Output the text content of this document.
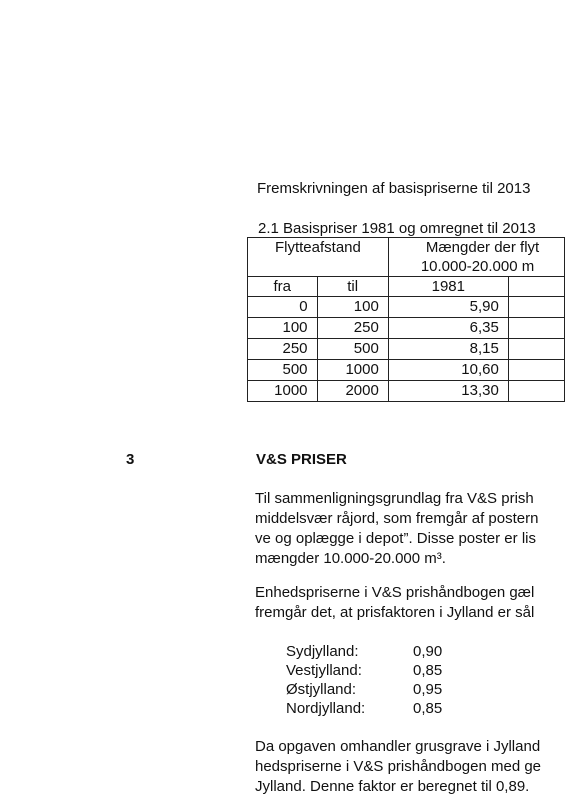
Fremskrivningen af basispriserne til 2013
2.1 Basispriser 1981 og omregnet til 2013
Flytteafstand		Mængder der flyt	
		10.000-20.000 m	
fra	til	1981	
0	100	5,90	
100	250	6,35	
250	500	8,15	
500	1000	10,60	
1000	2000	13,30	
3	V&S PRISER
Til sammenligningsgrundlag fra V&S prish
middelsvær råjord, som fremgår af postern
ve og oplægge i depot”. Disse poster er lis
mængder 10.000-20.000 m³.
Enhedspriserne i V&S prishåndbogen gæl
fremgår det, at prisfaktoren i Jylland er sål
Sydjylland:	0,90
Vestjylland:	0,85
Østjylland:	0,95
Nordjylland:	0,85
Da opgaven omhandler grusgrave i Jylland
hedspriserne i V&S prishåndbogen med ge
Jylland. Denne faktor er beregnet til 0,89.
